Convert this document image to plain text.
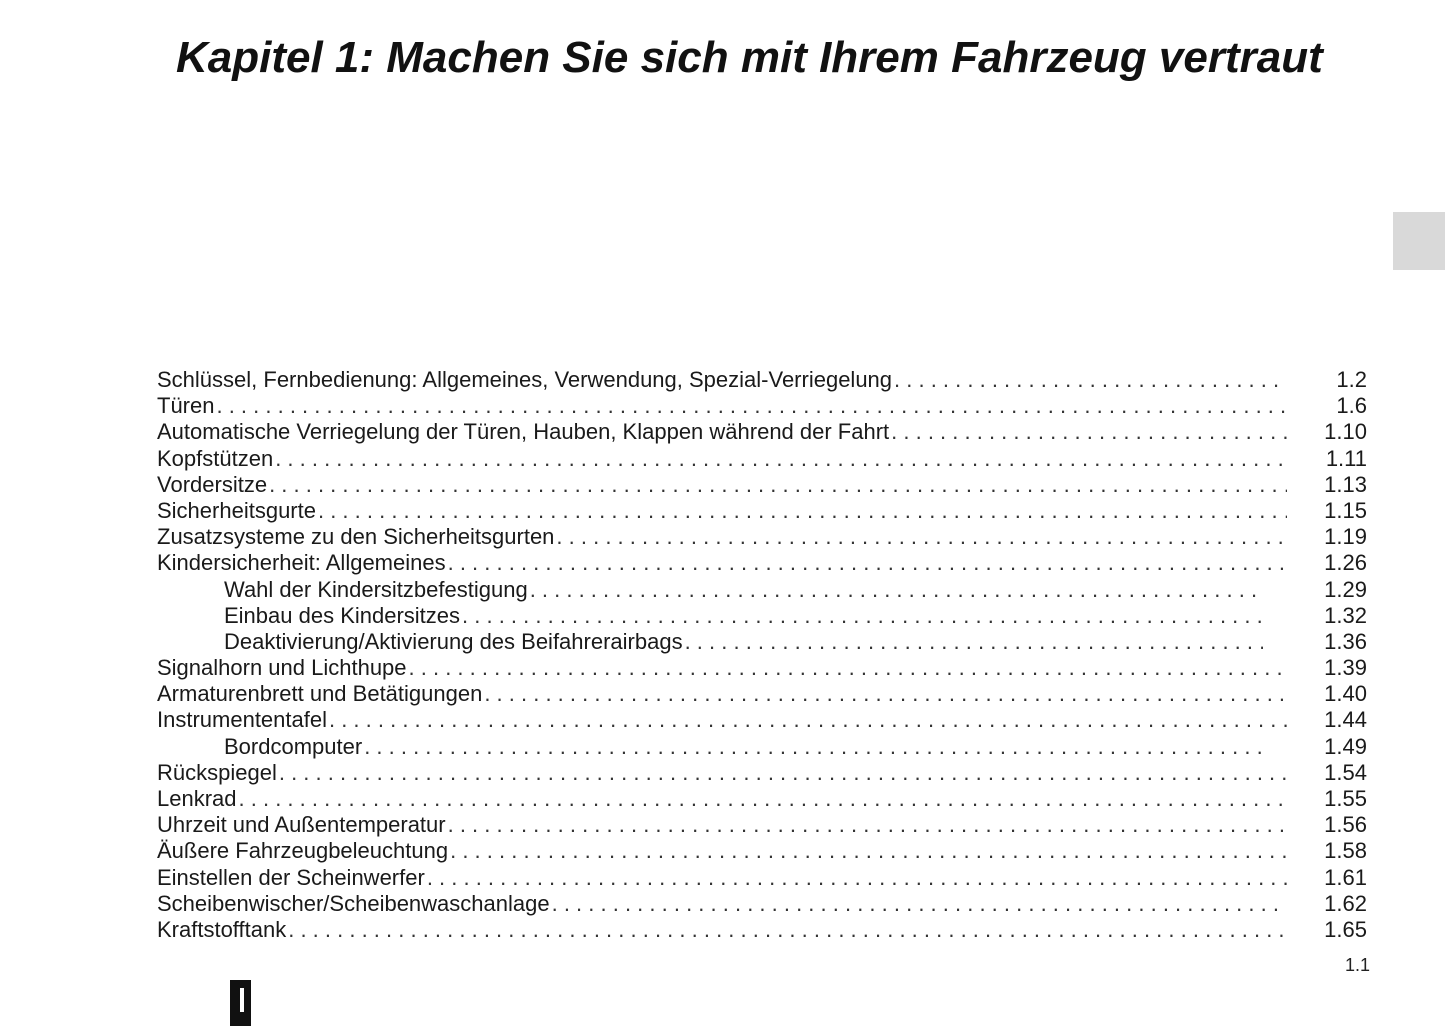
Kapitel 1: Machen Sie sich mit Ihrem Fahrzeug vertraut
Schlüssel, Fernbedienung: Allgemeines, Verwendung, Spezial-Verriegelung . . .	1.2
Türen . . .	1.6
Automatische Verriegelung der Türen, Hauben, Klappen während der Fahrt . . .	1.10
Kopfstützen . . .	1.11
Vordersitze . . .	1.13
Sicherheitsgurte . . .	1.15
Zusatzsysteme zu den Sicherheitsgurten . . .	1.19
Kindersicherheit: Allgemeines . . .	1.26
Wahl der Kindersitzbefestigung . . .	1.29
Einbau des Kindersitzes . . .	1.32
Deaktivierung/Aktivierung des Beifahrerairbags . . .	1.36
Signalhorn und Lichthupe . . .	1.39
Armaturenbrett und Betätigungen . . .	1.40
Instrumententafel . . .	1.44
Bordcomputer . . .	1.49
Rückspiegel . . .	1.54
Lenkrad . . .	1.55
Uhrzeit und Außentemperatur . . .	1.56
Äußere Fahrzeugbeleuchtung . . .	1.58
Einstellen der Scheinwerfer . . .	1.61
Scheibenwischer/Scheibenwaschanlage . . .	1.62
Kraftstofftank . . .	1.65
1.1
